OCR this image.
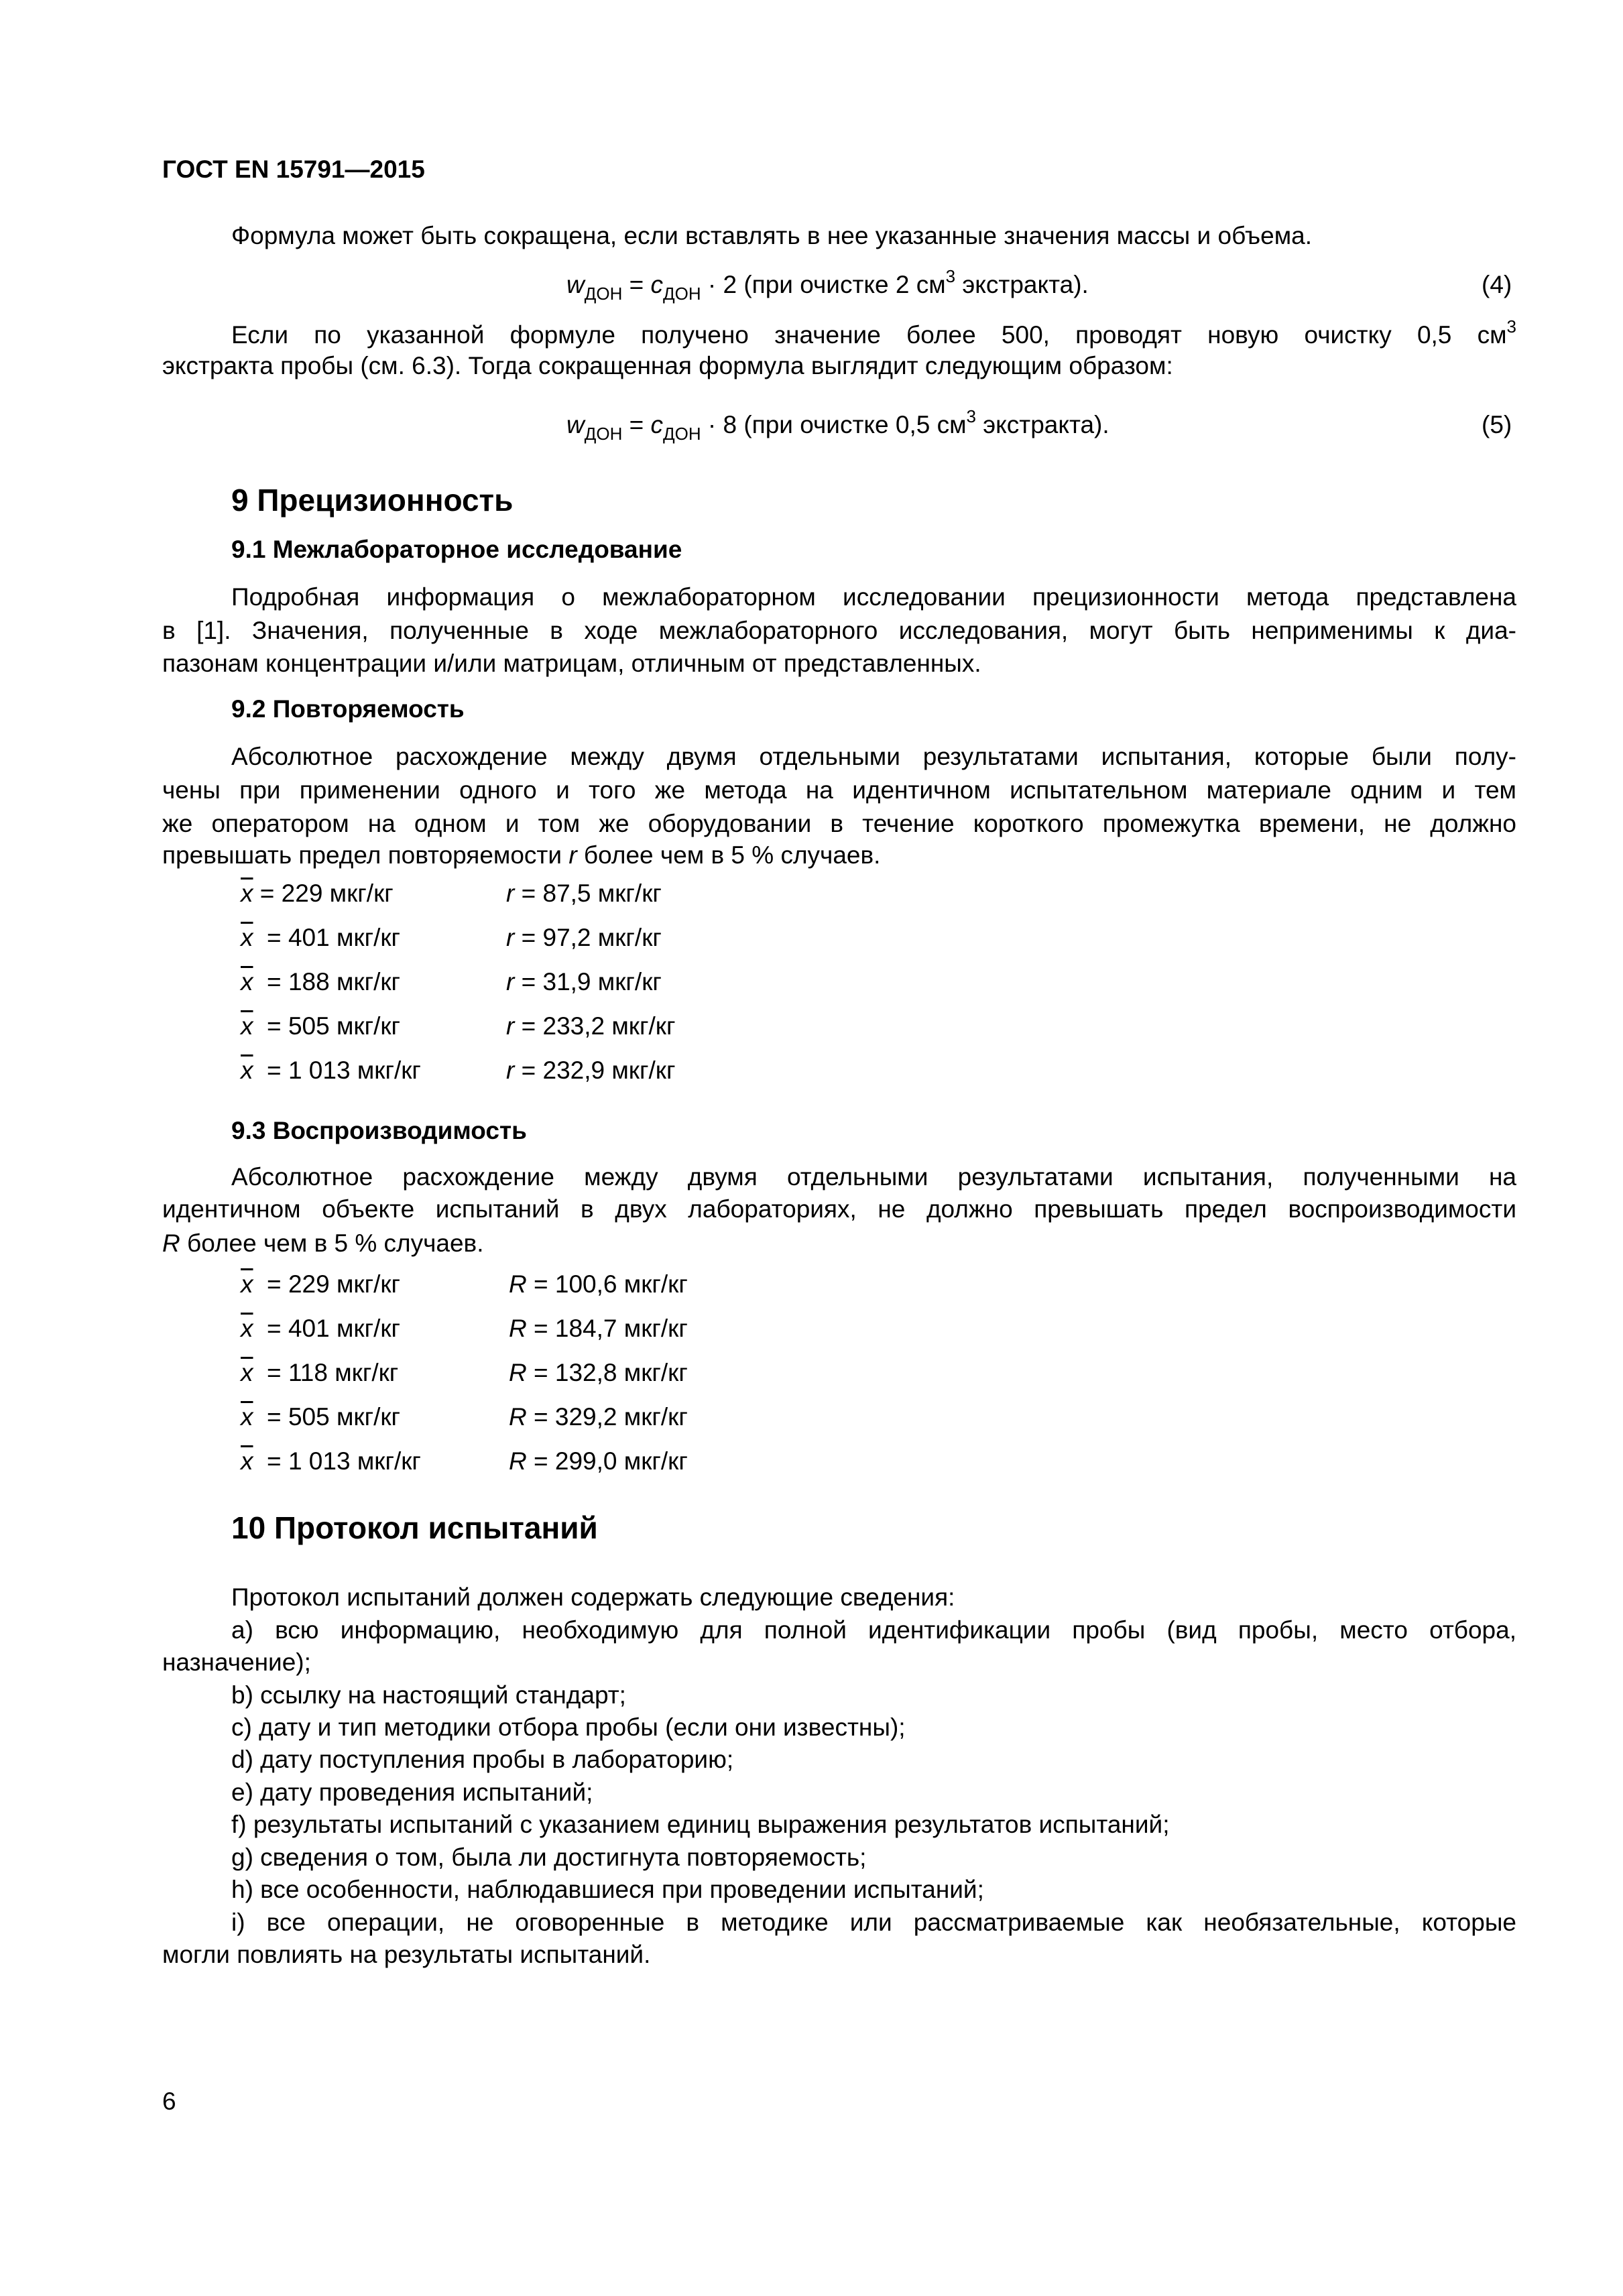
ГОСТ EN 15791—2015
Формула может быть сокращена, если вставлять в нее указанные значения массы и объема.
$w_{ДОН} = c_{ДОН} \cdot 2$ (при очистке 2 $см^3$ экстракта).	(4)
Если по указанной формуле получено значение более 500, проводят новую очистку 0,5 $см^3$
экстракта пробы (см. 6.3). Тогда сокращенная формула выглядит следующим образом:
$w_{ДОН} = c_{ДОН} \cdot 8$ (при очистке 0,5 $см^3$ экстракта).	(5)
9 Прецизионность
9.1 Межлабораторное исследование
Подробная информация о межлабораторном исследовании прецизионности метода представлена
в [1]. Значения, полученные в ходе межлабораторного исследования, могут быть неприменимы к диа-
пазонам концентрации и/или матрицам, отличным от представленных.
9.2 Повторяемость
Абсолютное расхождение между двумя отдельными результатами испытания, которые были полу-
чены при применении одного и того же метода на идентичном испытательном материале одним и тем
же оператором на одном и том же оборудовании в течение короткого промежутка времени, не должно
превышать предел повторяемости r более чем в 5 % случаев.
$\overline{x} = 229$ мкг/кг	r = 87,5 мкг/кг
$\overline{x} = 401$ мкг/кг	r = 97,2 мкг/кг
$\overline{x} = 188$ мкг/кг	r = 31,9 мкг/кг
$\overline{x} = 505$ мкг/кг	r = 233,2 мкг/кг
$\overline{x} = 1$ 013 мкг/кг	r = 232,9 мкг/кг
9.3 Воспроизводимость
Абсолютное расхождение между двумя отдельными результатами испытания, полученными на
идентичном объекте испытаний в двух лабораториях, не должно превышать предел воспроизводимости
R более чем в 5 % случаев.
$\overline{x} = 229$ мкг/кг	R = 100,6 мкг/кг
$\overline{x} = 401$ мкг/кг	R = 184,7 мкг/кг
$\overline{x} = 118$ мкг/кг	R = 132,8 мкг/кг
$\overline{x} = 505$ мкг/кг	R = 329,2 мкг/кг
$\overline{x} = 1$ 013 мкг/кг	R = 299,0 мкг/кг
10 Протокол испытаний
Протокол испытаний должен содержать следующие сведения:
a) всю информацию, необходимую для полной идентификации пробы (вид пробы, место отбора,
назначение);
b) ссылку на настоящий стандарт;
c) дату и тип методики отбора пробы (если они известны);
d) дату поступления пробы в лабораторию;
e) дату проведения испытаний;
f) результаты испытаний с указанием единиц выражения результатов испытаний;
g) сведения о том, была ли достигнута повторяемость;
h) все особенности, наблюдавшиеся при проведении испытаний;
i) все операции, не оговоренные в методике или рассматриваемые как необязательные, которые
могли повлиять на результаты испытаний.
6
